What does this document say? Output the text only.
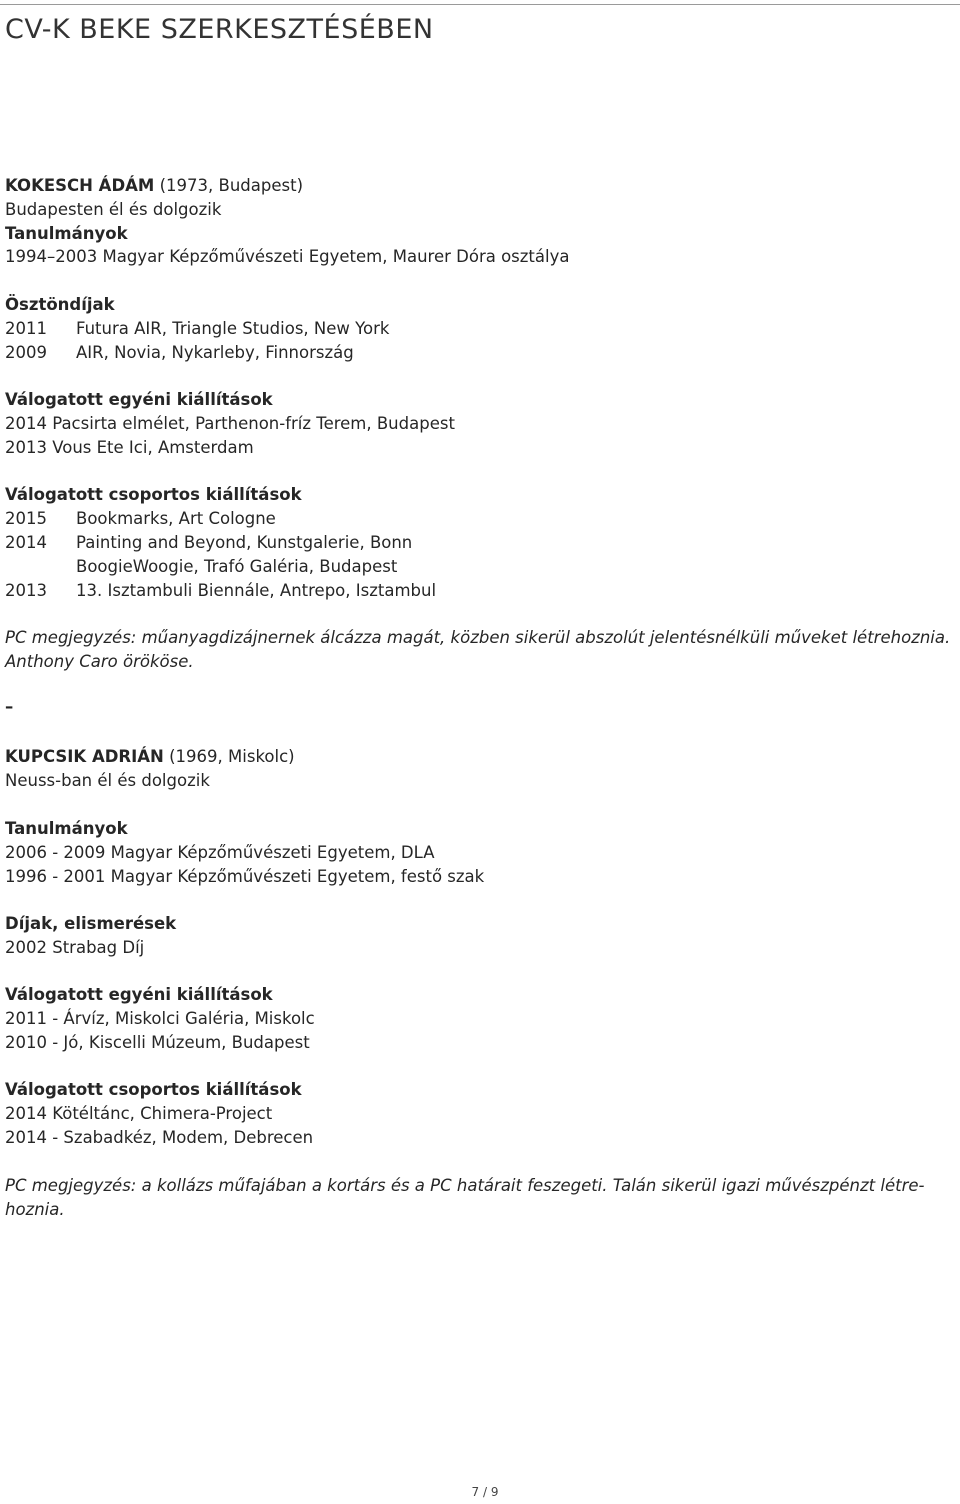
CV-K BEKE SZERKESZTÉSÉBEN
KOKESCH ÁDÁM (1973, Budapest)
Budapesten él és dolgozik
Tanulmányok
1994–2003 Magyar Képzőművészeti Egyetem, Maurer Dóra osztálya
Ösztöndíjak
2011 Futura AIR, Triangle Studios, New York
2009 AIR, Novia, Nykarleby, Finnország
Válogatott egyéni kiállítások
2014 Pacsirta elmélet, Parthenon-fríz Terem, Budapest
2013 Vous Ete Ici, Amsterdam
Válogatott csoportos kiállítások
2015 Bookmarks, Art Cologne
2014 Painting and Beyond, Kunstgalerie, Bonn
BoogieWoogie, Trafó Galéria, Budapest
2013 13. Isztambuli Biennále, Antrepo, Isztambul
PC megjegyzés: műanyagdizájnernek álcázza magát, közben sikerül abszolút jelentésnélküli műveket létrehoznia.
Anthony Caro örököse.
–
KUPCSIK ADRIÁN (1969, Miskolc)
Neuss-ban él és dolgozik
Tanulmányok
2006 - 2009 Magyar Képzőművészeti Egyetem, DLA
1996 - 2001 Magyar Képzőművészeti Egyetem, festő szak
Díjak, elismerések
2002 Strabag Díj
Válogatott egyéni kiállítások
2011 - Árvíz, Miskolci Galéria, Miskolc
2010 - Jó, Kiscelli Múzeum, Budapest
Válogatott csoportos kiállítások
2014 Kötéltánc, Chimera-Project
2014 - Szabadkéz, Modem, Debrecen
PC megjegyzés: a kollázs műfajában a kortárs és a PC határait feszegeti. Talán sikerül igazi művészpénzt létre-
hoznia.
7 / 9
